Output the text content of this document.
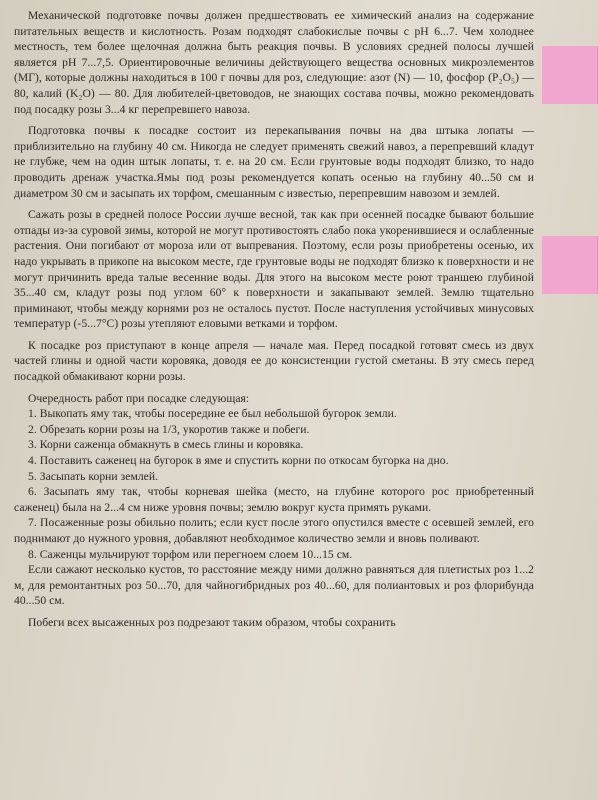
Механической подготовке почвы должен предшествовать ее химический анализ на содержание питательных веществ и кислотность. Розам подходят слабокислые почвы с рН 6...7. Чем холоднее местность, тем более щелочная должна быть реакция почвы. В условиях средней полосы лучшей является рН 7...7,5. Ориентировочные величины действующего вещества основных микроэлементов (МГ), которые должны находиться в 100 г почвы для роз, следующие: азот (N) — 10, фосфор (P₂O₅) — 80, калий (K₂O) — 80. Для любителей-цветоводов, не знающих состава почвы, можно рекомендовать под посадку розы 3...4 кг перепревшего навоза.

Подготовка почвы к посадке состоит из перекапывания почвы на два штыка лопаты — приблизительно на глубину 40 см. Никогда не следует применять свежий навоз, а перепревший кладут не глубже, чем на один штык лопаты, т. е. на 20 см. Если грунтовые воды подходят близко, то надо проводить дренаж участка.Ямы под розы рекомендуется копать осенью на глубину 40...50 см и диаметром 30 см и засыпать их торфом, смешанным с известью, перепревшим навозом и землей.

Сажать розы в средней полосе России лучше весной, так как при осенней посадке бывают большие отпады из-за суровой зимы, которой не могут противостоять слабо пока укоренившиеся и ослабленные растения. Они погибают от мороза или от выпревания. Поэтому, если розы приобретены осенью, их надо укрывать в прикопе на высоком месте, где грунтовые воды не подходят близко к поверхности и не могут причинить вреда талые весенние воды. Для этого на высоком месте роют траншею глубиной 35...40 см, кладут розы под углом 60° к поверхности и закапывают землей. Землю тщательно приминают, чтобы между корнями роз не осталось пустот. После наступления устойчивых минусовых температур (-5...7°С) розы утепляют еловыми ветками и торфом.

К посадке роз приступают в конце апреля — начале мая. Перед посадкой готовят смесь из двух частей глины и одной части коровяка, доводя ее до консистенции густой сметаны. В эту смесь перед посадкой обмакивают корни розы.

Очередность работ при посадке следующая:

1. Выкопать яму так, чтобы посередине ее был небольшой бугорок земли.

2. Обрезать корни розы на 1/3, укоротив также и побеги.

3. Корни саженца обмакнуть в смесь глины и коровяка.

4. Поставить саженец на бугорок в яме и спустить корни по откосам бугорка на дно.

5. Засыпать корни землей.

6. Засыпать яму так, чтобы корневая шейка (место, на глубине которого рос приобретенный саженец) была на 2...4 см ниже уровня почвы; землю вокруг куста примять руками.

7. Посаженные розы обильно полить; если куст после этого опустился вместе с осевшей землей, его поднимают до нужного уровня, добавляют необходимое количество земли и вновь поливают.

8. Саженцы мульчируют торфом или перегноем слоем 10...15 см.

Если сажают несколько кустов, то расстояние между ними должно равняться для плетистых роз 1...2 м, для ремонтантных роз 50...70, для чайногибридных роз 40...60, для полиантовых и роз флорибунда 40...50 см.

Побеги всех высаженных роз подрезают таким образом, чтобы сохранить
